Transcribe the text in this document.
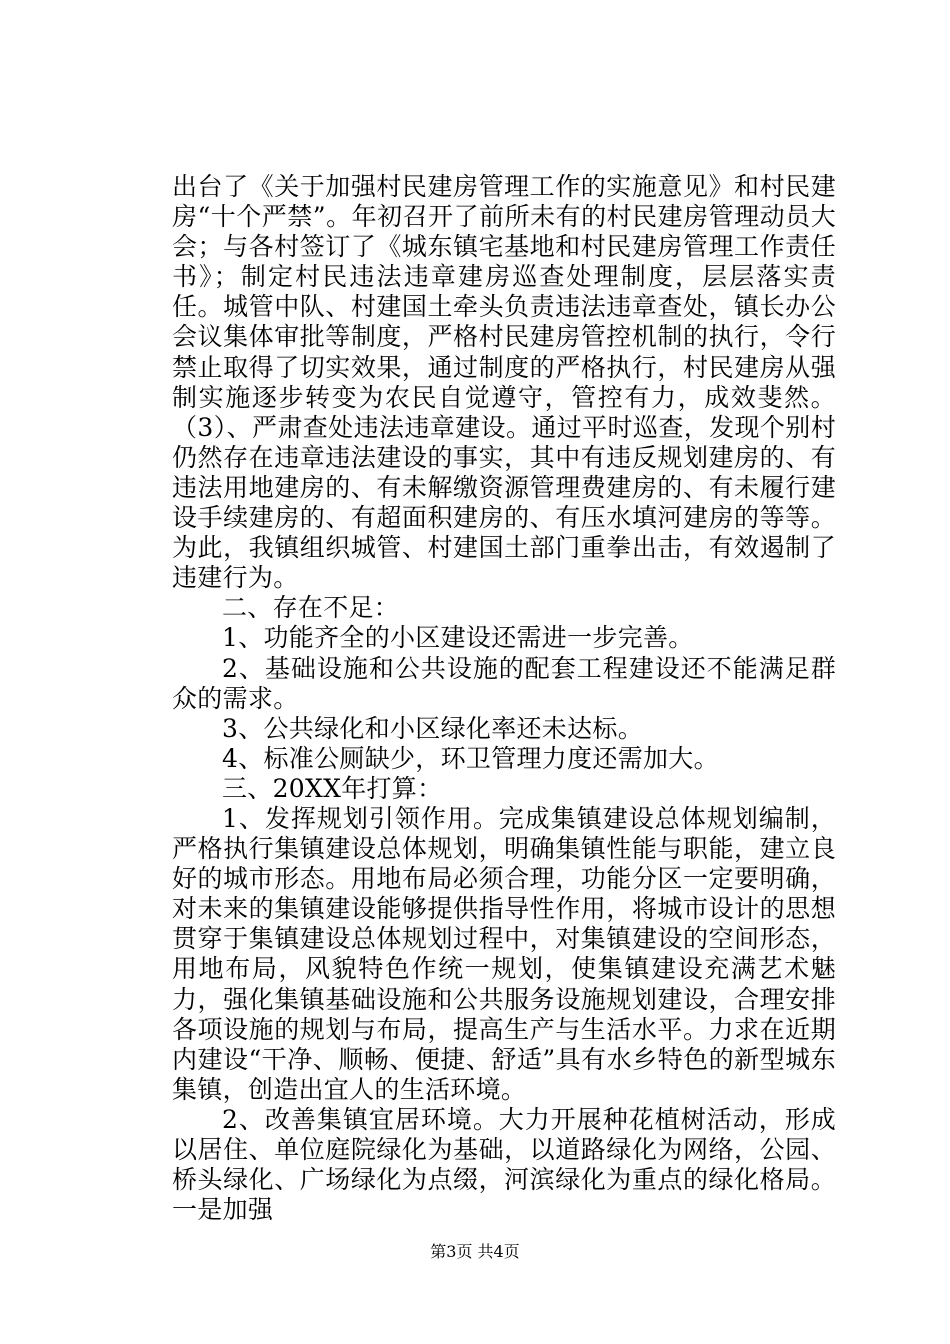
出台了《关于加强村民建房管理工作的实施意见》和村民建房“十个严禁”。年初召开了前所未有的村民建房管理动员大会；与各村签订了《城东镇宅基地和村民建房管理工作责任书》；制定村民违法违章建房巡查处理制度，层层落实责任。城管中队、村建国土牵头负责违法违章查处，镇长办公会议集体审批等制度，严格村民建房管控机制的执行，令行禁止取得了切实效果，通过制度的严格执行，村民建房从强制实施逐步转变为农民自觉遵守，管控有力，成效斐然。（3）、严肃查处违法违章建设。通过平时巡查，发现个别村仍然存在违章违法建设的事实，其中有违反规划建房的、有违法用地建房的、有未解缴资源管理费建房的、有未履行建设手续建房的、有超面积建房的、有压水填河建房的等等。为此，我镇组织城管、村建国土部门重拳出击，有效遏制了违建行为。

二、存在不足：

1、功能齐全的小区建设还需进一步完善。

2、基础设施和公共设施的配套工程建设还不能满足群众的需求。

3、公共绿化和小区绿化率还未达标。

4、标准公厕缺少，环卫管理力度还需加大。

三、20XX年打算：

1、发挥规划引领作用。完成集镇建设总体规划编制，严格执行集镇建设总体规划，明确集镇性能与职能，建立良好的城市形态。用地布局必须合理，功能分区一定要明确，对未来的集镇建设能够提供指导性作用，将城市设计的思想贯穿于集镇建设总体规划过程中，对集镇建设的空间形态，用地布局，风貌特色作统一规划，使集镇建设充满艺术魅力，强化集镇基础设施和公共服务设施规划建设，合理安排各项设施的规划与布局，提高生产与生活水平。力求在近期内建设“干净、顺畅、便捷、舒适”具有水乡特色的新型城东集镇，创造出宜人的生活环境。

2、改善集镇宜居环境。大力开展种花植树活动，形成以居住、单位庭院绿化为基础，以道路绿化为网络，公园、桥头绿化、广场绿化为点缀，河滨绿化为重点的绿化格局。一是加强

第3页 共4页
